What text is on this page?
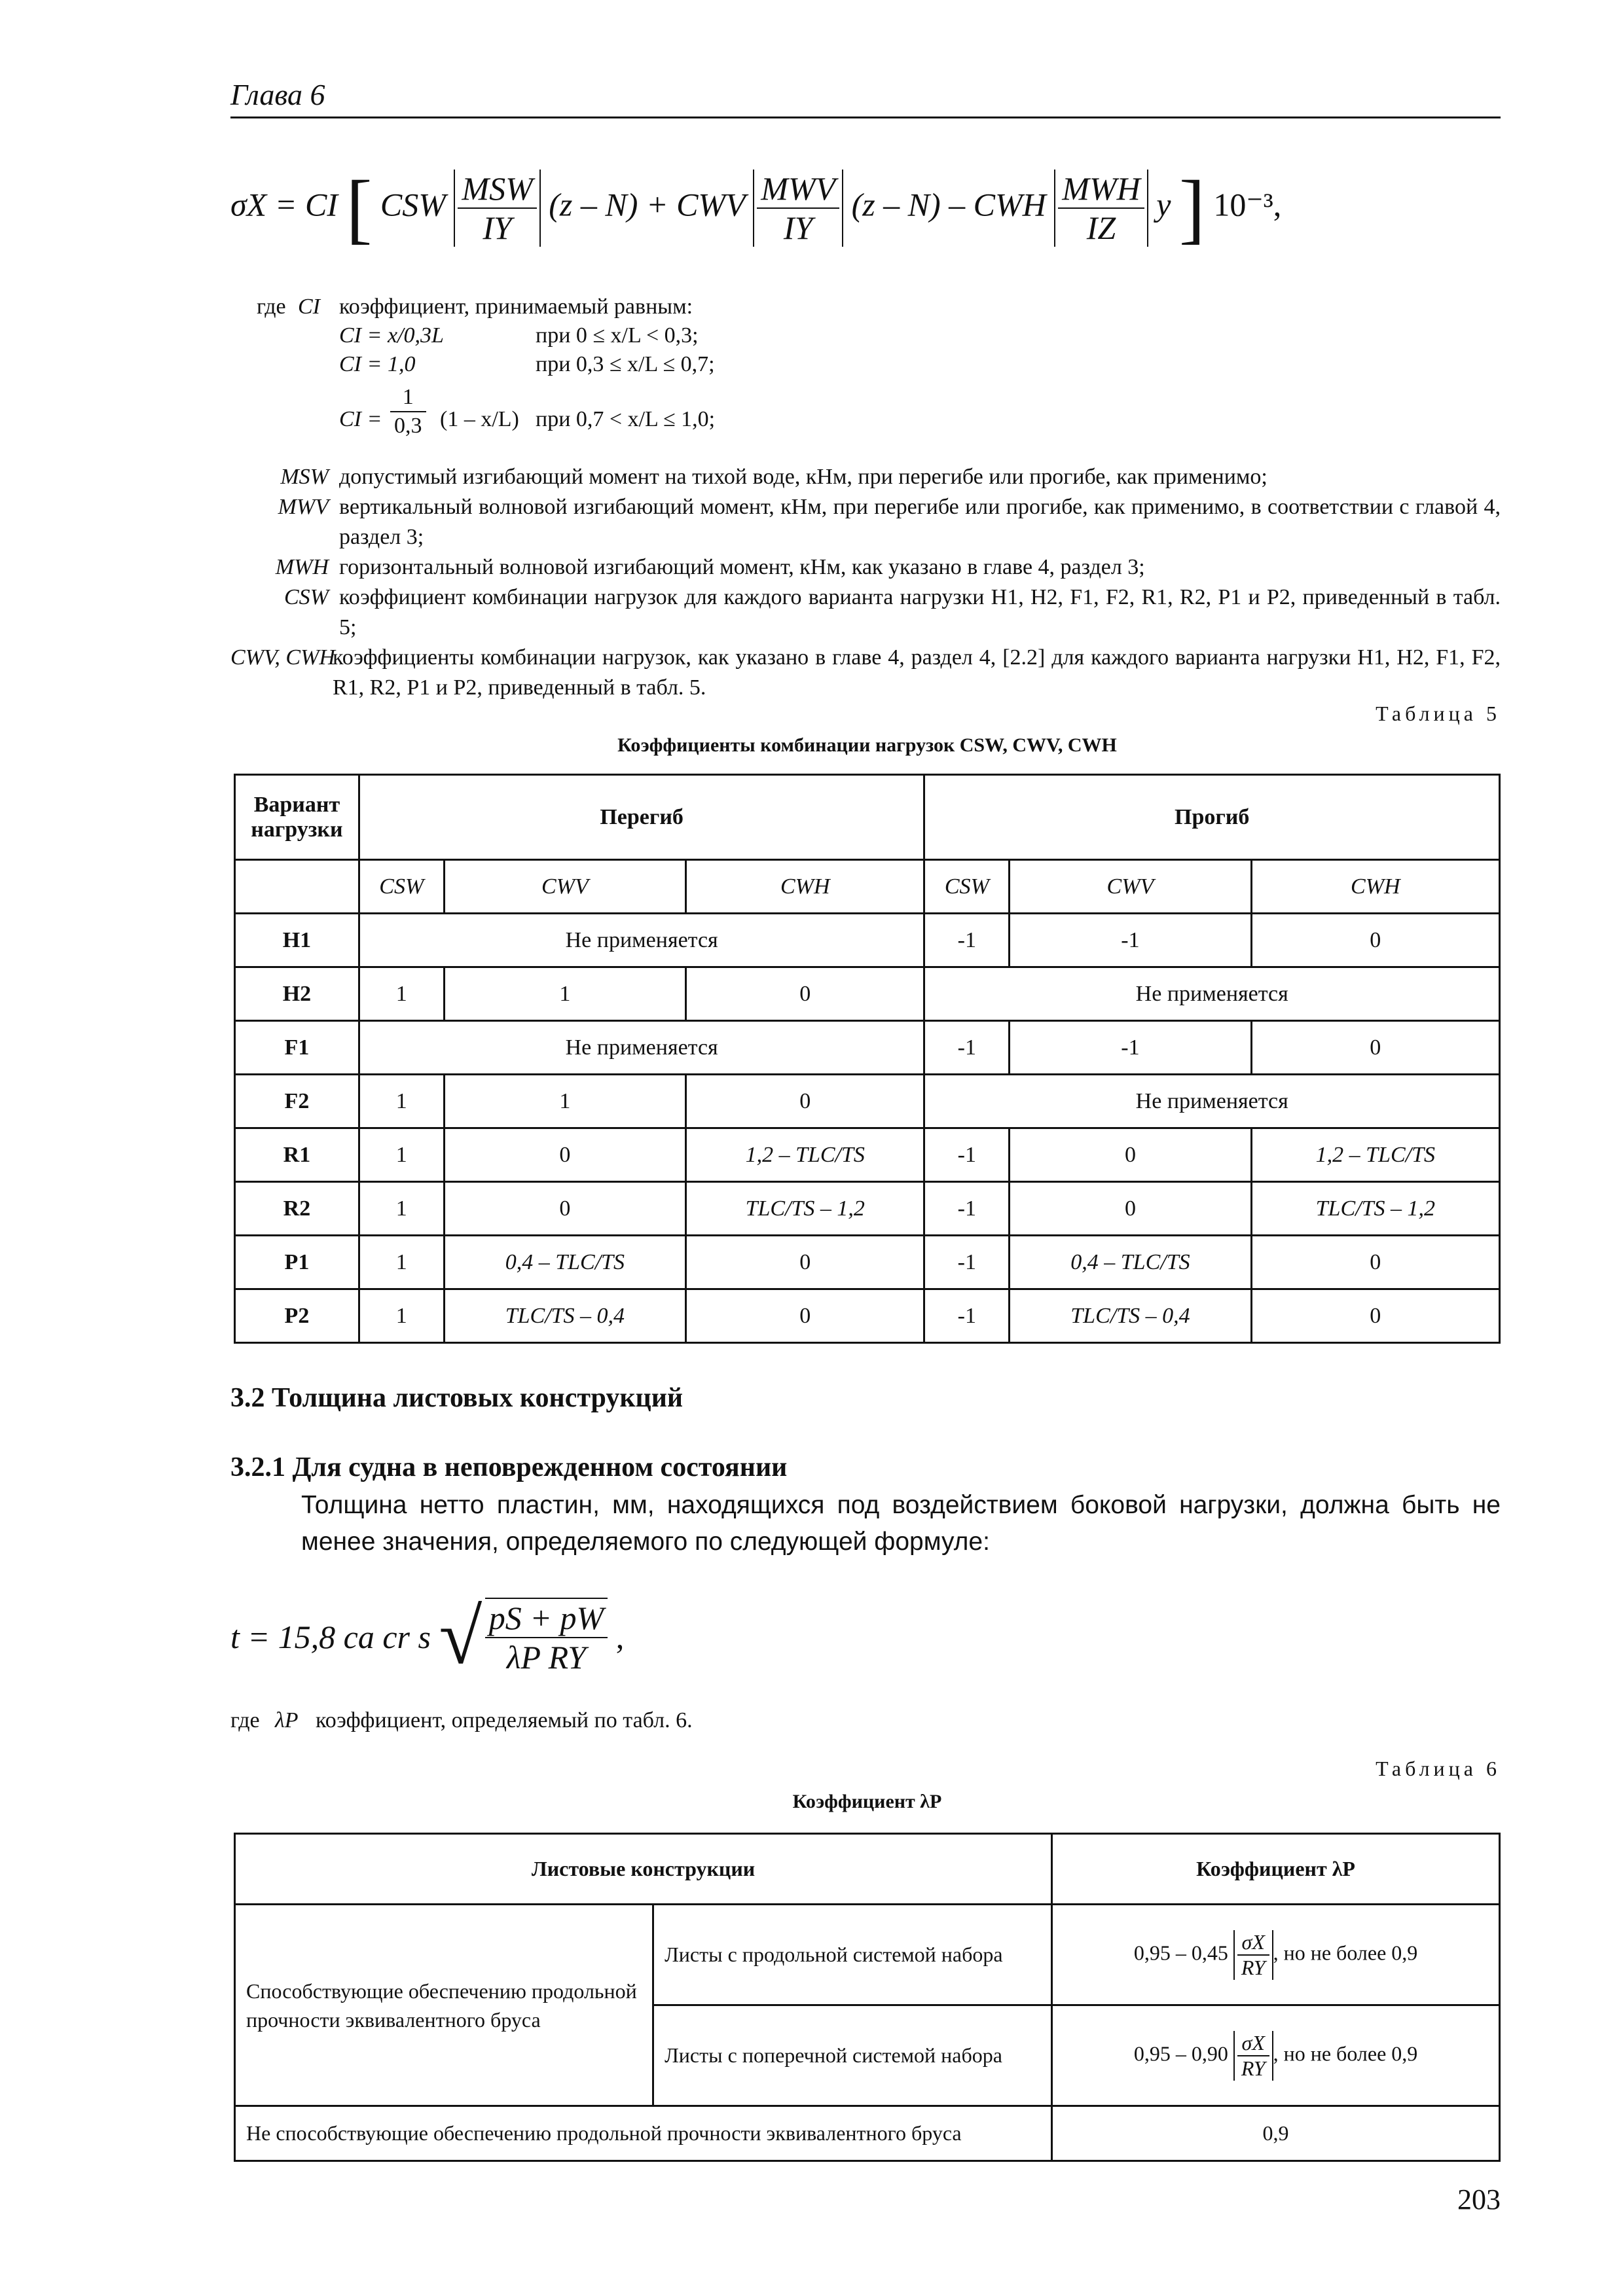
Глава 6
σX = CI [ CSW $\frac{\text{MSW}}{IY} (z - N)$ + CWV $\frac{\text{MWV}}{IY} (z - N)$ – CWH $\frac{\text{MWH}}{IZ}$ y ] 10⁻³,
где CI коэффициент, принимаемый равным:
CI = x/0,3L	при 0 ≤ x/L < 0,3;
CI = 1,0	при 0,3 ≤ x/L ≤ 0,7;
CI = $\frac{1}{0,3} (1 - x/L)$ при 0,7 < x/L ≤ 1,0;
MSW допустимый изгибающий момент на тихой воде, кНм, при перегибе или прогибе, как применимо;
MWV вертикальный волновой изгибающий момент, кНм, при перегибе или прогибе, как применимо, в соответствии с главой 4, раздел 3;
MWH горизонтальный волновой изгибающий момент, кНм, как указано в главе 4, раздел 3;
CSW коэффициент комбинации нагрузок для каждого варианта нагрузки H1, H2, F1, F2, R1, R2, P1 и P2, приведенный в табл. 5;
CWV, CWH
коэффициенты комбинации нагрузок, как указано в главе 4, раздел 4, [2.2] для каждого варианта нагрузки H1, H2, F1, F2, R1, R2, P1 и P2, приведенный в табл. 5.
Таблица 5
Коэффициенты комбинации нагрузок CSW, CWV, CWH
Вариант нагрузки	Перегиб			Прогиб		
	CSW	CWV	CWH	CSW	CWV	CWH
H1	Не применяется			-1	-1	0
H2	1	1	0	Не применяется		
F1	Не применяется			-1	-1	0
F2	1	1	0	Не применяется		
R1	1	0	1,2 – TLC/TS	-1	0	1,2 – TLC/TS
R2	1	0	TLC/TS – 1,2	-1	0	TLC/TS – 1,2
P1	1	0,4 – TLC/TS	0	-1	0,4 – TLC/TS	0
P2	1	TLC/TS – 0,4	0	-1	TLC/TS – 0,4	0
3.2 Толщина листовых конструкций
3.2.1 Для судна в неповрежденном состоянии
Толщина нетто пластин, мм, находящихся под воздействием боковой нагрузки, должна быть не менее значения, определяемого по следующей формуле:
t = 15,8 ca cr s √ $\frac{pS + pW}{\text{λP RY}}$ ,
где λP коэффициент, определяемый по табл. 6.
Таблица 6
Коэффициент λP
Листовые конструкции		Коэффициент λP
Способствующие обеспечению продольной прочности эквивалентного бруса	Листы с продольной системой набора	$0,95 - 0,45 \frac{\sigma X}{RY}$ , но не более 0,9
	Листы с поперечной системой набора	$0,95 - 0,90 \frac{\sigma X}{RY}$ , но не более 0,9
Не способствующие обеспечению продольной прочности эквивалентного бруса		0,9
203
